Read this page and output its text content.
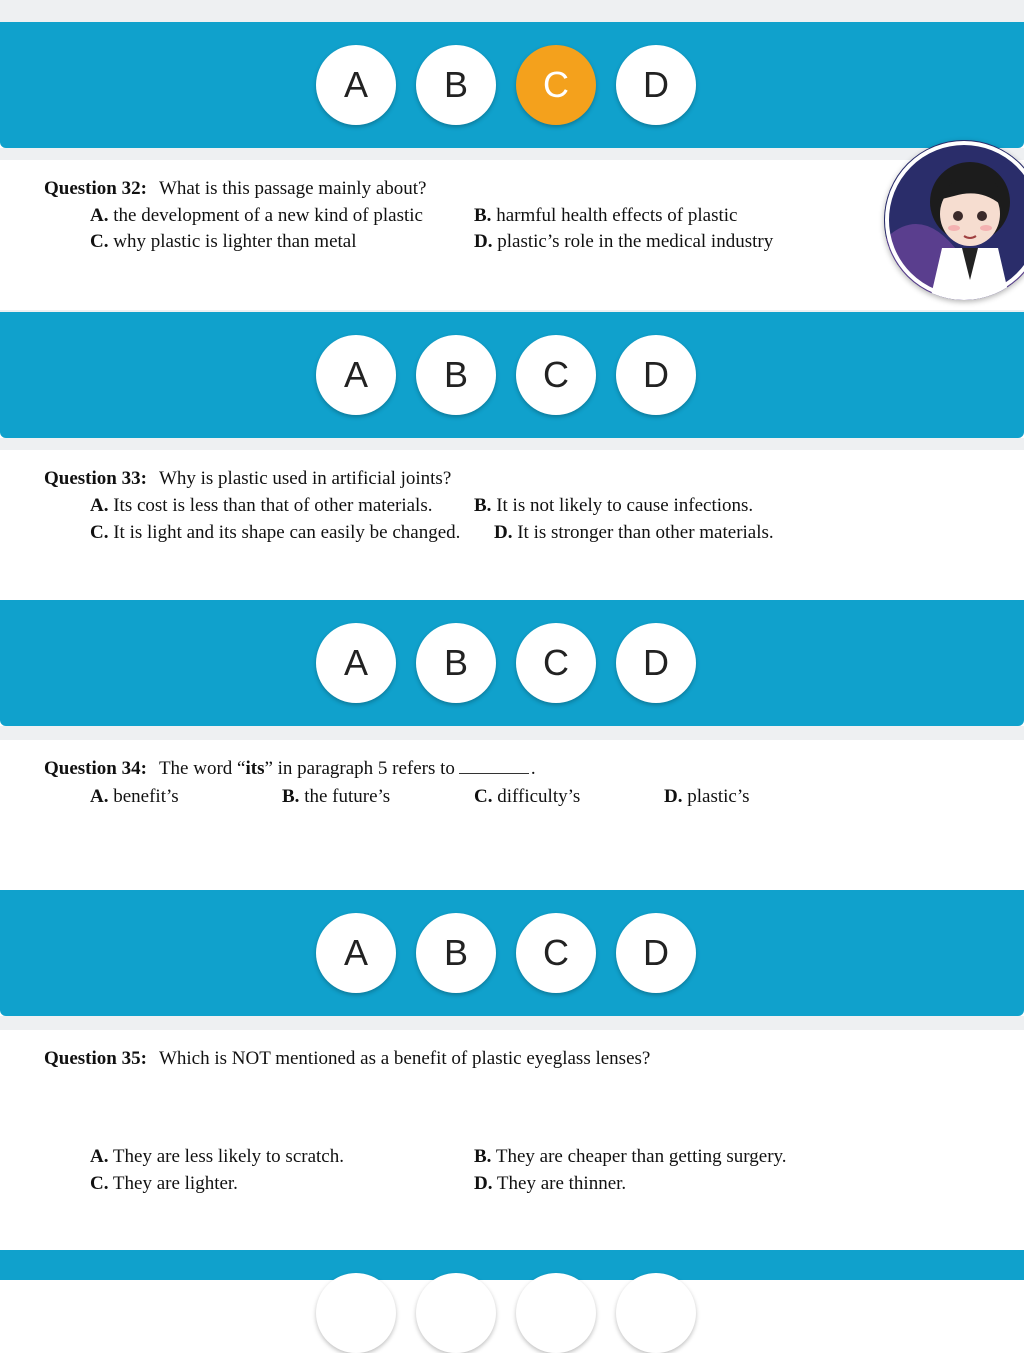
A	B	C	D
Question 32: What is this passage mainly about?
A. the development of a new kind of plastic	B. harmful health effects of plastic
C. why plastic is lighter than metal	D. plastic’s role in the medical industry
A	B	C	D
Question 33: Why is plastic used in artificial joints?
A. Its cost is less than that of other materials. B. It is not likely to cause infections.
C. It is light and its shape can easily be changed. D. It is stronger than other materials.
A	B	C	D
Question 34: The word “its” in paragraph 5 refers to	.
A. benefit’s	B. the future’s	C. difficulty’s	D. plastic’s
A	B	C	D
Question 35: Which is NOT mentioned as a benefit of plastic eyeglass lenses?
A. They are less likely to scratch.	B. They are cheaper than getting surgery.
C. They are lighter.	D. They are thinner.
